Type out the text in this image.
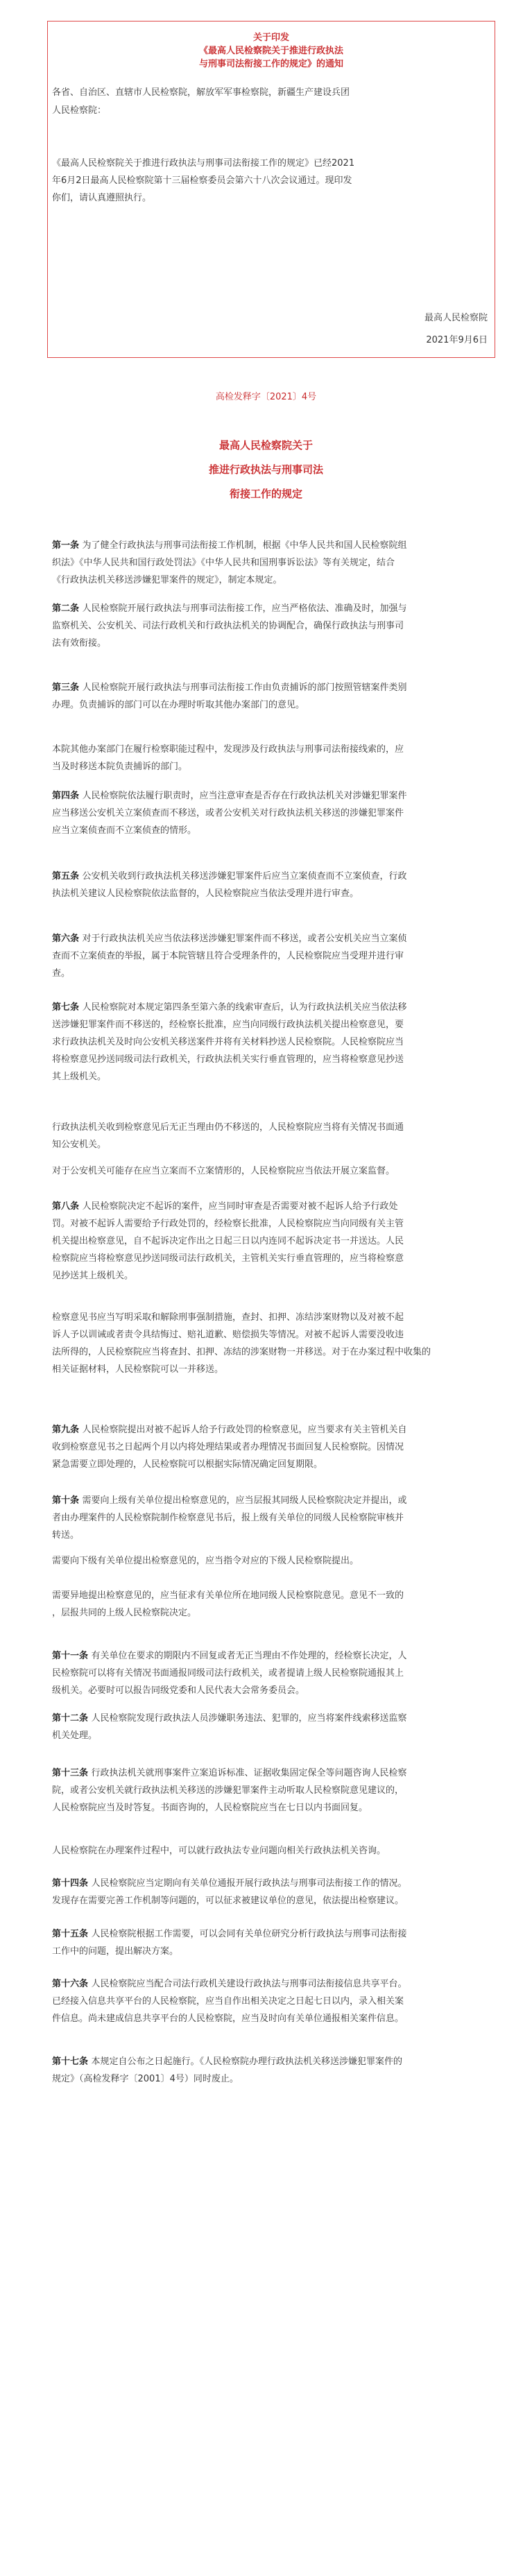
关于印发
《最高人民检察院关于推进行政执法
与刑事司法衔接工作的规定》的通知
各省、自治区、直辖市人民检察院，解放军军事检察院，新疆生产建设兵团
人民检察院：
《最高人民检察院关于推进行政执法与刑事司法衔接工作的规定》已经2021
年6月2日最高人民检察院第十三届检察委员会第六十八次会议通过。现印发
你们，请认真遵照执行。
最高人民检察院
2021年9月6日
高检发释字〔2021〕4号
最高人民检察院关于
推进行政执法与刑事司法
衔接工作的规定
第一条 为了健全行政执法与刑事司法衔接工作机制，根据《中华人民共和国人民检察院组
织法》《中华人民共和国行政处罚法》《中华人民共和国刑事诉讼法》等有关规定，结合
《行政执法机关移送涉嫌犯罪案件的规定》，制定本规定。
第二条 人民检察院开展行政执法与刑事司法衔接工作，应当严格依法、准确及时，加强与
监察机关、公安机关、司法行政机关和行政执法机关的协调配合，确保行政执法与刑事司
法有效衔接。
第三条 人民检察院开展行政执法与刑事司法衔接工作由负责捕诉的部门按照管辖案件类别
办理。负责捕诉的部门可以在办理时听取其他办案部门的意见。
本院其他办案部门在履行检察职能过程中，发现涉及行政执法与刑事司法衔接线索的，应
当及时移送本院负责捕诉的部门。
第四条 人民检察院依法履行职责时，应当注意审查是否存在行政执法机关对涉嫌犯罪案件
应当移送公安机关立案侦查而不移送，或者公安机关对行政执法机关移送的涉嫌犯罪案件
应当立案侦查而不立案侦查的情形。
第五条 公安机关收到行政执法机关移送涉嫌犯罪案件后应当立案侦查而不立案侦查，行政
执法机关建议人民检察院依法监督的，人民检察院应当依法受理并进行审查。
第六条 对于行政执法机关应当依法移送涉嫌犯罪案件而不移送，或者公安机关应当立案侦
查而不立案侦查的举报，属于本院管辖且符合受理条件的，人民检察院应当受理并进行审
查。
第七条 人民检察院对本规定第四条至第六条的线索审查后，认为行政执法机关应当依法移
送涉嫌犯罪案件而不移送的，经检察长批准，应当向同级行政执法机关提出检察意见，要
求行政执法机关及时向公安机关移送案件并将有关材料抄送人民检察院。人民检察院应当
将检察意见抄送同级司法行政机关，行政执法机关实行垂直管理的，应当将检察意见抄送
其上级机关。
行政执法机关收到检察意见后无正当理由仍不移送的，人民检察院应当将有关情况书面通
知公安机关。
对于公安机关可能存在应当立案而不立案情形的，人民检察院应当依法开展立案监督。
第八条 人民检察院决定不起诉的案件，应当同时审查是否需要对被不起诉人给予行政处
罚。对被不起诉人需要给予行政处罚的，经检察长批准，人民检察院应当向同级有关主管
机关提出检察意见，自不起诉决定作出之日起三日以内连同不起诉决定书一并送达。人民
检察院应当将检察意见抄送同级司法行政机关，主管机关实行垂直管理的，应当将检察意
见抄送其上级机关。
检察意见书应当写明采取和解除刑事强制措施，查封、扣押、冻结涉案财物以及对被不起
诉人予以训诫或者责令具结悔过、赔礼道歉、赔偿损失等情况。对被不起诉人需要没收违
法所得的，人民检察院应当将查封、扣押、冻结的涉案财物一并移送。对于在办案过程中收集的
相关证据材料，人民检察院可以一并移送。
第九条 人民检察院提出对被不起诉人给予行政处罚的检察意见，应当要求有关主管机关自
收到检察意见书之日起两个月以内将处理结果或者办理情况书面回复人民检察院。因情况
紧急需要立即处理的，人民检察院可以根据实际情况确定回复期限。
第十条 需要向上级有关单位提出检察意见的，应当层报其同级人民检察院决定并提出，或
者由办理案件的人民检察院制作检察意见书后，报上级有关单位的同级人民检察院审核并
转送。
需要向下级有关单位提出检察意见的，应当指令对应的下级人民检察院提出。
需要异地提出检察意见的，应当征求有关单位所在地同级人民检察院意见。意见不一致的
，层报共同的上级人民检察院决定。
第十一条 有关单位在要求的期限内不回复或者无正当理由不作处理的，经检察长决定，人
民检察院可以将有关情况书面通报同级司法行政机关，或者提请上级人民检察院通报其上
级机关。必要时可以报告同级党委和人民代表大会常务委员会。
第十二条 人民检察院发现行政执法人员涉嫌职务违法、犯罪的，应当将案件线索移送监察
机关处理。
第十三条 行政执法机关就刑事案件立案追诉标准、证据收集固定保全等问题咨询人民检察
院，或者公安机关就行政执法机关移送的涉嫌犯罪案件主动听取人民检察院意见建议的，
人民检察院应当及时答复。书面咨询的，人民检察院应当在七日以内书面回复。
人民检察院在办理案件过程中，可以就行政执法专业问题向相关行政执法机关咨询。
第十四条 人民检察院应当定期向有关单位通报开展行政执法与刑事司法衔接工作的情况。
发现存在需要完善工作机制等问题的，可以征求被建议单位的意见，依法提出检察建议。
第十五条 人民检察院根据工作需要，可以会同有关单位研究分析行政执法与刑事司法衔接
工作中的问题，提出解决方案。
第十六条 人民检察院应当配合司法行政机关建设行政执法与刑事司法衔接信息共享平台。
已经接入信息共享平台的人民检察院，应当自作出相关决定之日起七日以内，录入相关案
件信息。尚未建成信息共享平台的人民检察院，应当及时向有关单位通报相关案件信息。
第十七条 本规定自公布之日起施行。《人民检察院办理行政执法机关移送涉嫌犯罪案件的
规定》（高检发释字〔2001〕4号）同时废止。
